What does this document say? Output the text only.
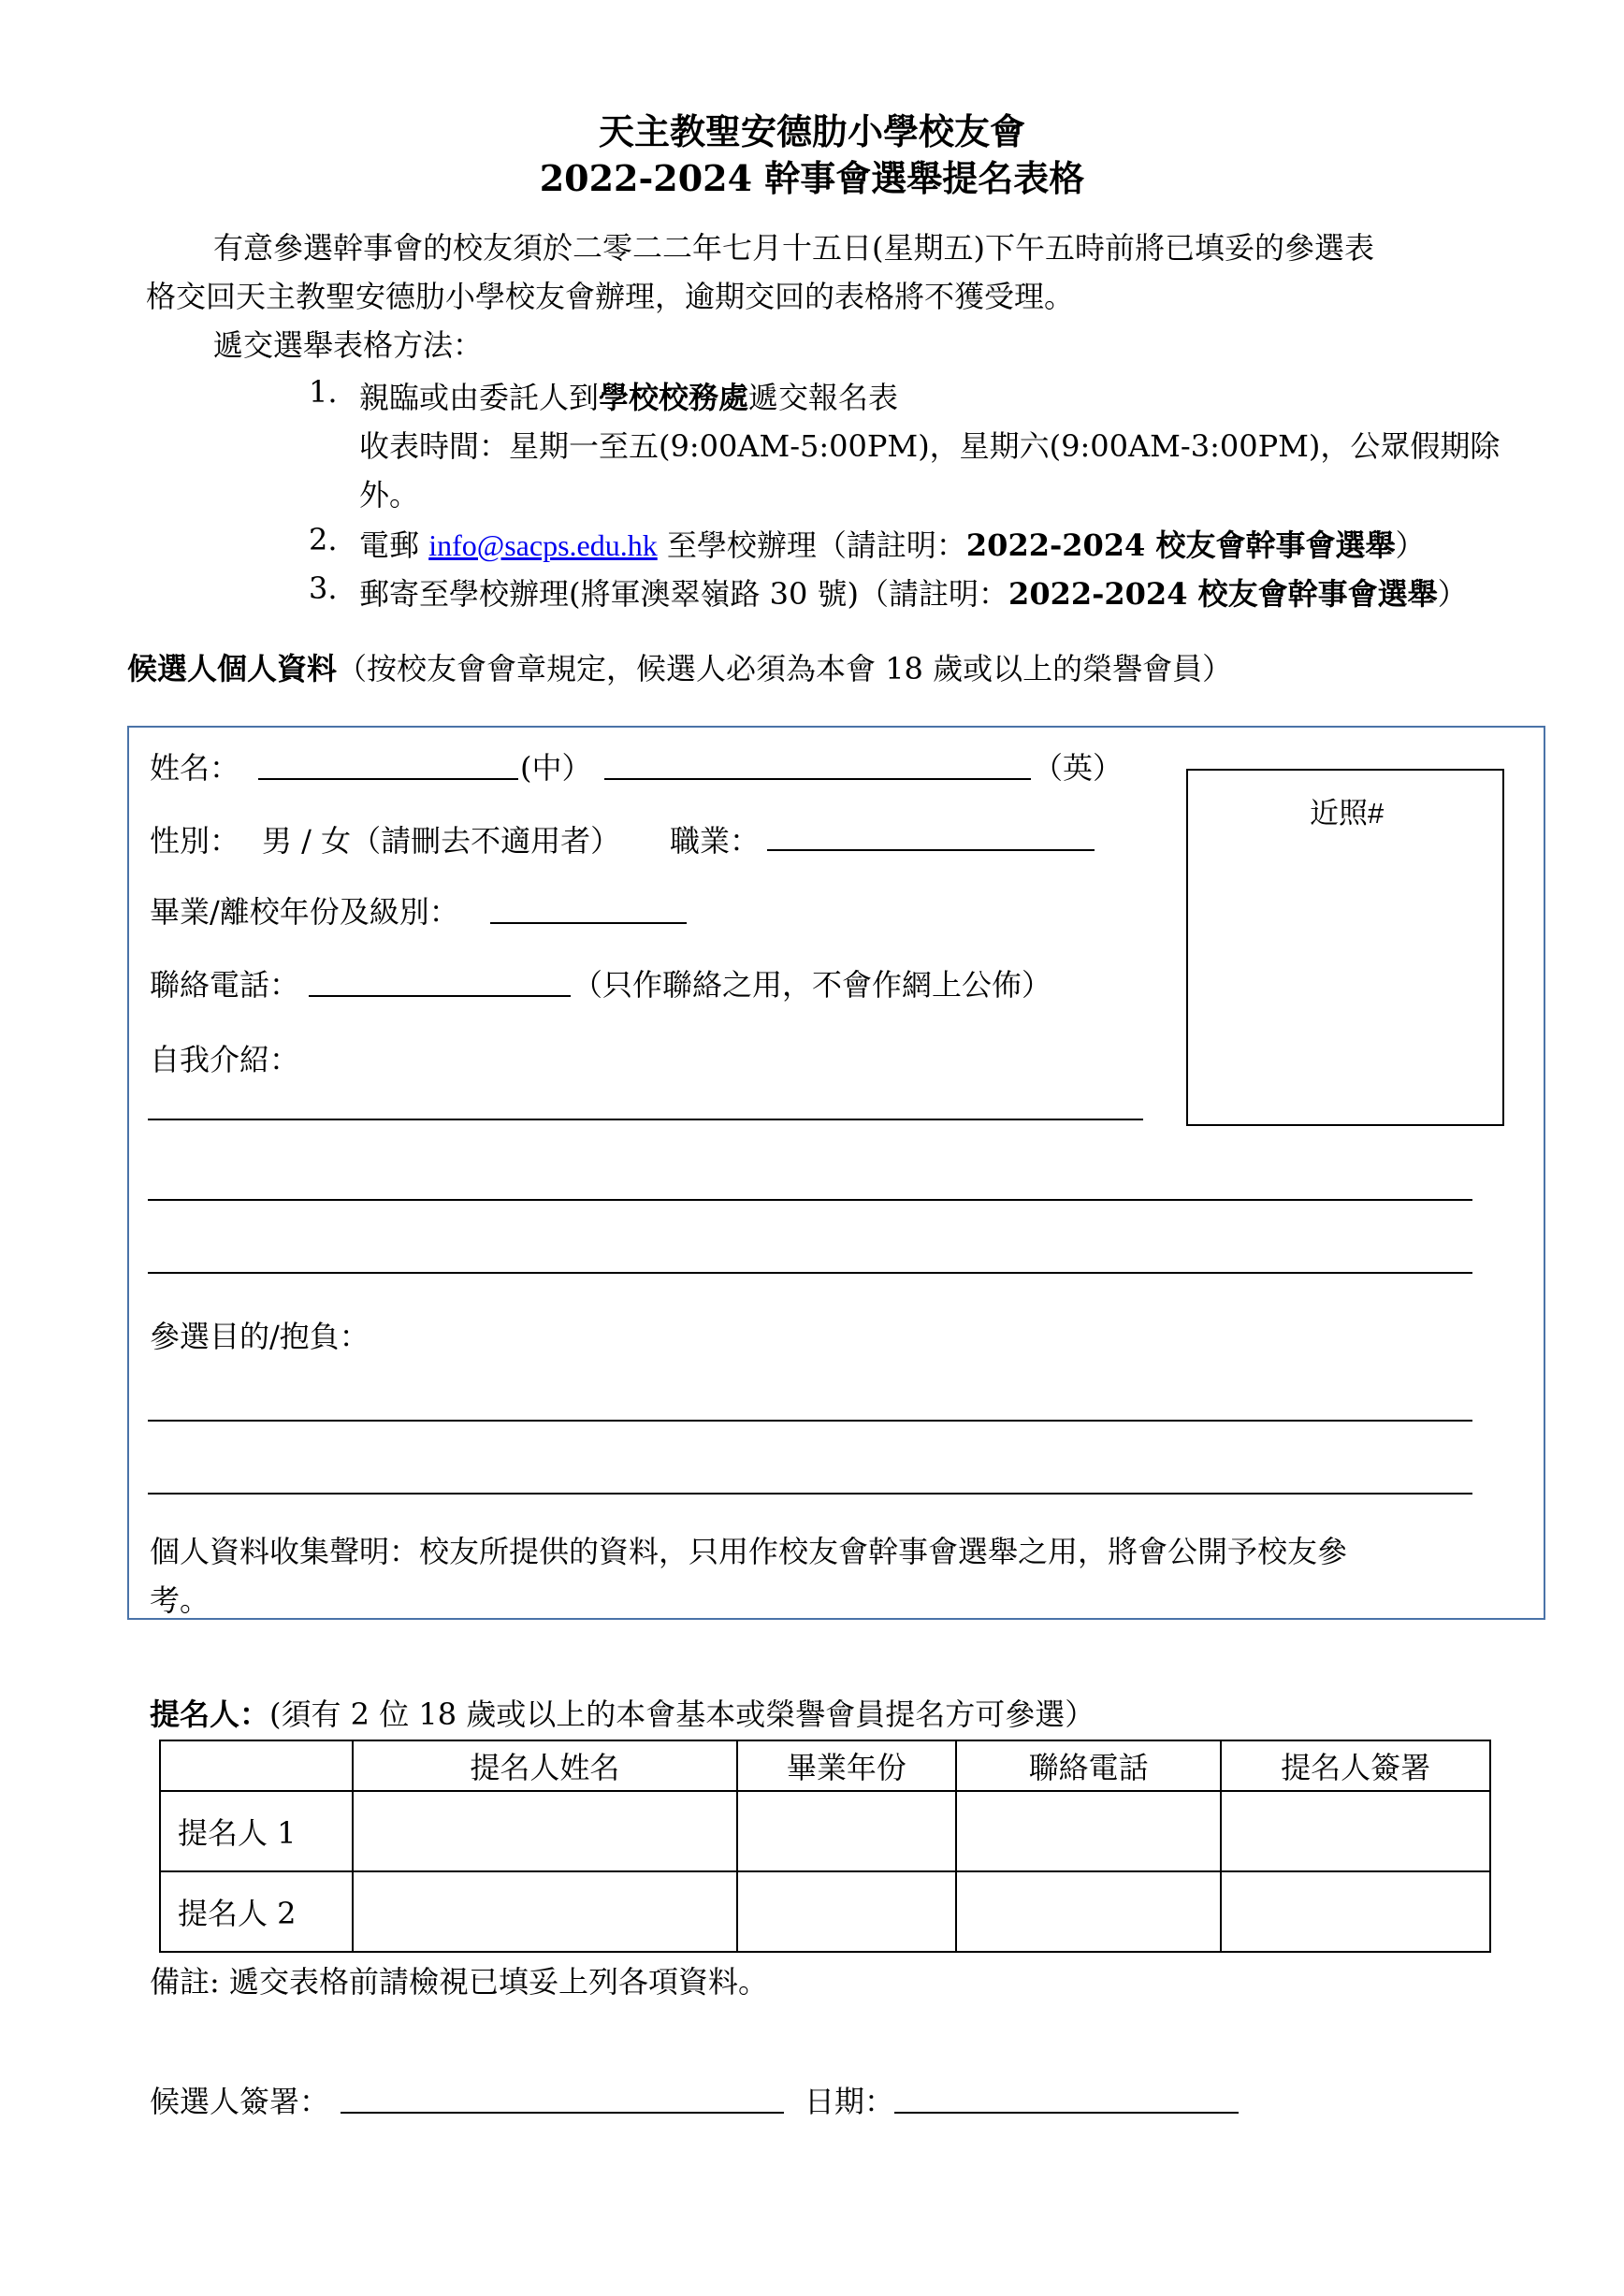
天主教聖安德肋小學校友會
2022-2024 幹事會選舉提名表格
有意參選幹事會的校友須於二零二二年七月十五日(星期五)下午五時前將已填妥的參選表
格交回天主教聖安德肋小學校友會辦理，逾期交回的表格將不獲受理。
遞交選舉表格方法：
1. 親臨或由委託人到學校校務處遞交報名表
收表時間：星期一至五(9:00AM-5:00PM)，星期六(9:00AM-3:00PM)，公眾假期除
外。
2. 電郵 info@sacps.edu.hk 至學校辦理（請註明：2022-2024 校友會幹事會選舉）
3. 郵寄至學校辦理(將軍澳翠嶺路 30 號)（請註明：2022-2024 校友會幹事會選舉）
候選人個人資料（按校友會會章規定，候選人必須為本會 18 歲或以上的榮譽會員）
姓名：	(中）	（英）
性別： 男 / 女（請刪去不適用者） 職業：
畢業/離校年份及級別：
聯絡電話：	（只作聯絡之用，不會作網上公佈）
自我介紹：
參選目的/抱負：
個人資料收集聲明：校友所提供的資料，只用作校友會幹事會選舉之用，將會公開予校友參
考。
近照#
提名人：(須有 2 位 18 歲或以上的本會基本或榮譽會員提名方可參選）
	提名人姓名	畢業年份	聯絡電話	提名人簽署
提名人 1				
提名人 2				
備註: 遞交表格前請檢視已填妥上列各項資料。
候選人簽署：	日期：
